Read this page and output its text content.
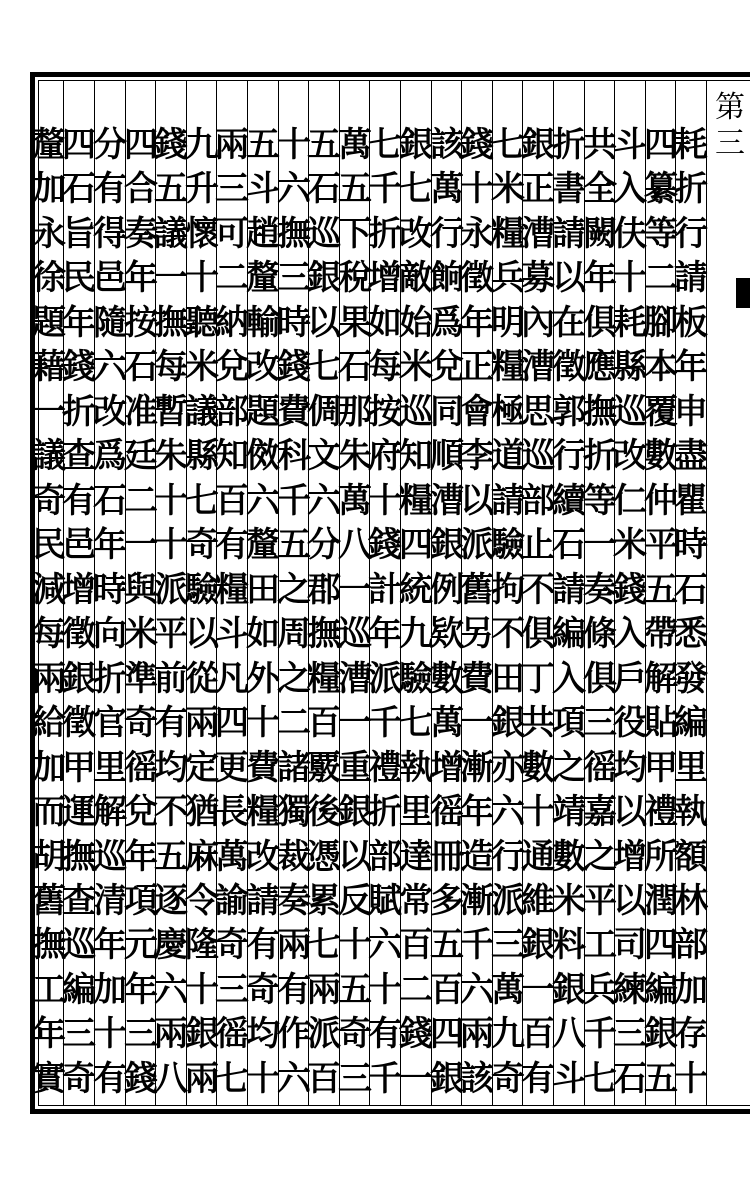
耗
折
行
請
板
年
申
盡
瞿
時
石
悉
發
編
里
執
額
林
部
加
存
十
四
纂
等
二
腳
本
覆
數
仲
平
五
帶
解
貼
甲
禮
所
潤
四
編
銀
五
斗
入
伕
十
耗
縣
巡
改
仁
米
錢
入
戶
役
均
以
增
以
司
練
三
石
共
全
闕
年
俱
應
撫
折
等
一
奏
條
俱
三
徭
嘉
之
平
工
兵
千
七
折
書
請
以
在
徵
郭
行
續
石
請
編
入
項
之
靖
數
米
料
銀
八
斗
銀
正
漕
募
內
漕
思
巡
部
止
不
俱
丁
共
數
十
通
維
銀
一
百
有
七
米
糧
兵
明
糧
極
道
請
驗
拘
不
田
銀
亦
六
行
派
三
萬
九
奇
錢
十
永
徵
年
正
會
李
以
派
舊
另
費
一
漸
年
造
漸
千
六
兩
該
該
萬
行
餉
爲
兌
同
順
漕
銀
例
欵
數
萬
增
徭
冊
多
五
百
四
銀
銀
七
改
敵
始
米
巡
知
糧
四
統
九
驗
七
執
里
達
常
百
二
錢
一
七
千
折
增
如
每
按
府
十
錢
計
年
派
千
禮
折
部
賦
六
十
有
千
萬
五
下
稅
果
石
那
朱
萬
八
一
巡
漕
一
重
銀
以
反
十
五
奇
三
五
石
巡
銀
以
七
倜
文
六
分
郡
撫
糧
百
覈
後
憑
累
七
兩
派
百
十
六
撫
三
時
錢
費
科
千
五
之
周
之
二
諸
獨
裁
奏
兩
有
作
六
五
斗
趙
釐
輸
改
題
傚
六
釐
田
如
外
十
費
糧
改
請
有
奇
均
十
兩
三
可
二
納
兌
部
知
百
有
糧
斗
凡
四
更
長
萬
諭
奇
三
徭
七
九
升
懷
十
聽
米
議
縣
七
奇
驗
以
從
兩
定
猶
麻
令
隆
十
銀
兩
錢
五
議
一
撫
每
暫
朱
十
十
派
平
前
有
均
不
五
逐
慶
六
兩
八
四
合
奏
年
按
石
准
廷
二
一
與
米
準
奇
徭
兌
年
項
元
年
三
錢
分
有
得
邑
隨
六
改
爲
石
年
時
向
折
官
里
解
巡
清
年
加
十
有
四
石
旨
民
年
錢
折
查
有
邑
增
徵
銀
徵
甲
運
撫
查
巡
編
三
奇
釐
加
永
徐
題
藉
一
議
奇
民
減
每
兩
給
加
而
胡
舊
撫
工
年
實
第
三
